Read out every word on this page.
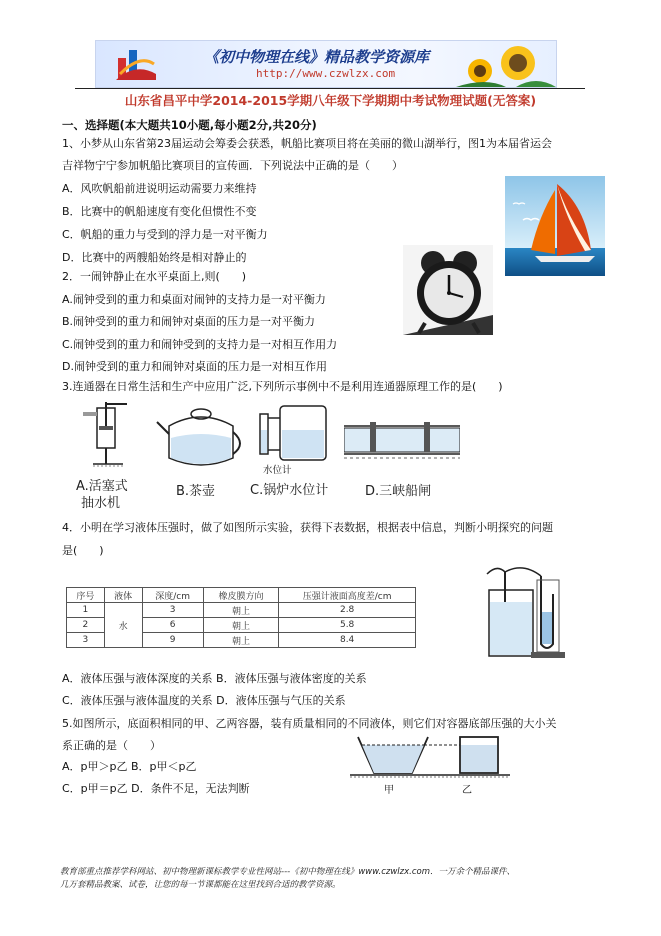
《初中物理在线》精品教学资源库
http://www.czwlzx.com
山东省昌平中学2014-2015学期八年级下学期期中考试物理试题(无答案)
一、选择题(本大题共10小题,每小题2分,共20分)
1、小梦从山东省第23届运动会筹委会获悉，帆船比赛项目将在美丽的微山湖举行，图1为本届省运会
吉祥物宁宁参加帆船比赛项目的宣传画．下列说法中正确的是（　　）
A．风吹帆船前进说明运动需要力来维持
B．比赛中的帆船速度有变化但惯性不变
C．帆船的重力与受到的浮力是一对平衡力
D．比赛中的两艘船始终是相对静止的
2．一闹钟静止在水平桌面上,则(　　)
A.闹钟受到的重力和桌面对闹钟的支持力是一对平衡力
B.闹钟受到的重力和闹钟对桌面的压力是一对平衡力
C.闹钟受到的重力和闹钟受到的支持力是一对相互作用力
D.闹钟受到的重力和闹钟对桌面的压力是一对相互作用
3.连通器在日常生活和生产中应用广泛,下列所示事例中不是利用连通器原理工作的是(　　)
A.活塞式
抽水机
B.茶壶
水位计
C.锅炉水位计	D.三峡船闸
4．小明在学习液体压强时，做了如图所示实验，获得下表数据，根据表中信息，判断小明探究的问题
是(　　)
序号	液体	深度/cm	橡皮膜方向	压强计液面高度差/cm
1	水	3	朝上	2.8
2		6	朝上	5.8
3		9	朝上	8.4
A．液体压强与液体深度的关系 B．液体压强与液体密度的关系
C．液体压强与液体温度的关系 D．液体压强与气压的关系
5.如图所示，底面积相同的甲、乙两容器，装有质量相同的不同液体，则它们对容器底部压强的大小关
系正确的是（　　）
A．p甲＞p乙 B．p甲＜p乙
C．p甲＝p乙 D．条件不足，无法判断	甲	乙
教育部重点推荐学科网站、初中物理新课标教学专业性网站---《初中物理在线》www.czwlzx.com．一万余个精品课件、
几万套精品教案、试卷，让您的每一节课都能在这里找到合适的教学资源。
